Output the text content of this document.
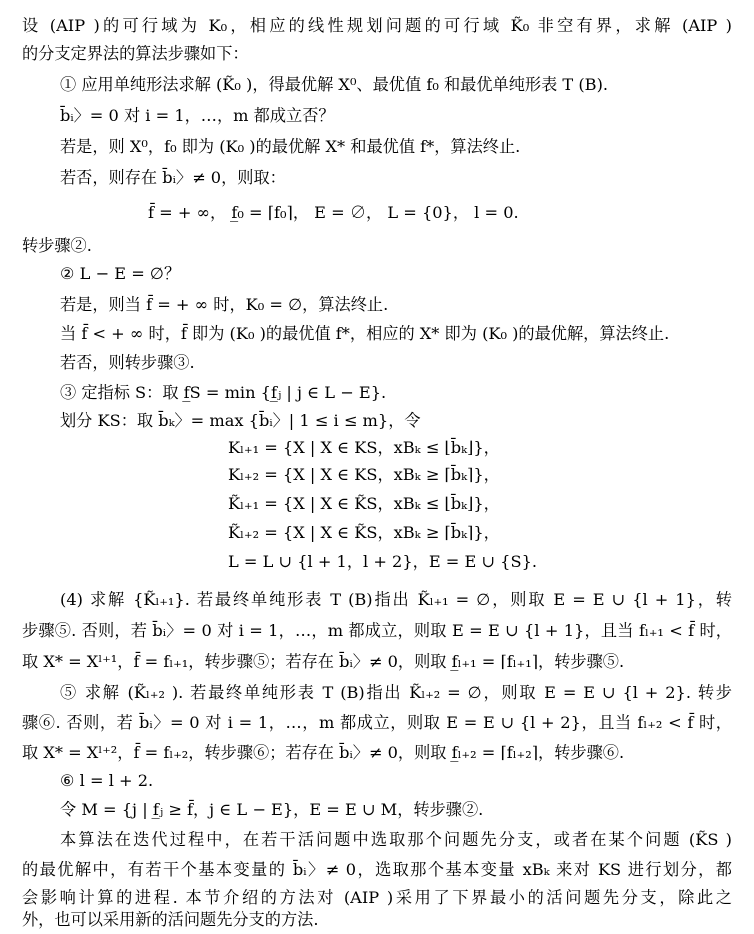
设 (AIP )的可行域为 K₀，相应的线性规划问题的可行域 K̃₀ 非空有界，求解 (AIP )
的分支定界法的算法步骤如下：
① 应用单纯形法求解 (K̃₀ )，得最优解 X⁰、最优值 f₀ 和最优单纯形表 T (B).
b̄ᵢ〉= 0 对 i = 1，…，m 都成立否？
若是，则 X⁰，f₀ 即为 (K₀ )的最优解 X* 和最优值 f*，算法终止.
若否，则存在 b̄ᵢ〉≠ 0，则取：
f̄ = + ∞， f̲₀ = ⌈f₀⌉， E = ∅， L = {0}， l = 0.
转步骤②.
② L − E = ∅？
若是，则当 f̄ = + ∞ 时，K₀ = ∅，算法终止.
当 f̄ < + ∞ 时，f̄ 即为 (K₀ )的最优值 f*，相应的 X* 即为 (K₀ )的最优解，算法终止.
若否，则转步骤③.
③ 定指标 S：取 f̲S = min {f̲ⱼ | j ∈ L − E}.
划分 KS：取 b̄ₖ〉= max {b̄ᵢ〉| 1 ≤ i ≤ m}，令
Kₗ₊₁ = {X | X ∈ KS，xBₖ ≤ ⌊b̄ₖ⌋}，
Kₗ₊₂ = {X | X ∈ KS，xBₖ ≥ ⌈b̄ₖ⌉}，
K̃ₗ₊₁ = {X | X ∈ K̃S，xBₖ ≤ ⌊b̄ₖ⌋}，
K̃ₗ₊₂ = {X | X ∈ K̃S，xBₖ ≥ ⌈b̄ₖ⌉}，
L = L ∪ {l + 1，l + 2}，E = E ∪ {S}.
(4) 求解 {K̃ₗ₊₁}. 若最终单纯形表 T (B)指出 K̃ₗ₊₁ = ∅，则取 E = E ∪ {l + 1}，转
步骤⑤. 否则，若 b̄ᵢ〉= 0 对 i = 1，…，m 都成立，则取 E = E ∪ {l + 1}，且当 fₗ₊₁ < f̄ 时，
取 X* = Xˡ⁺¹，f̄ = fₗ₊₁，转步骤⑤；若存在 b̄ᵢ〉≠ 0，则取 f̲ₗ₊₁ = ⌈fₗ₊₁⌉，转步骤⑤.
⑤ 求解 (K̃ₗ₊₂ ). 若最终单纯形表 T (B)指出 K̃ₗ₊₂ = ∅，则取 E = E ∪ {l + 2}. 转步
骤⑥. 否则，若 b̄ᵢ〉= 0 对 i = 1，…，m 都成立，则取 E = E ∪ {l + 2}，且当 fₗ₊₂ < f̄ 时，
取 X* = Xˡ⁺²，f̄ = fₗ₊₂，转步骤⑥；若存在 b̄ᵢ〉≠ 0，则取 f̲ₗ₊₂ = ⌈fₗ₊₂⌉，转步骤⑥.
⑥ l = l + 2.
令 M = {j | f̲ⱼ ≥ f̄，j ∈ L − E}，E = E ∪ M，转步骤②.
本算法在迭代过程中，在若干活问题中选取那个问题先分支，或者在某个问题 (K̃S )
的最优解中，有若干个基本变量的 b̄ᵢ〉≠ 0，选取那个基本变量 xBₖ 来对 KS 进行划分，都
会影响计算的进程. 本节介绍的方法对 (AIP )采用了下界最小的活问题先分支，除此之
外，也可以采用新的活问题先分支的方法.
